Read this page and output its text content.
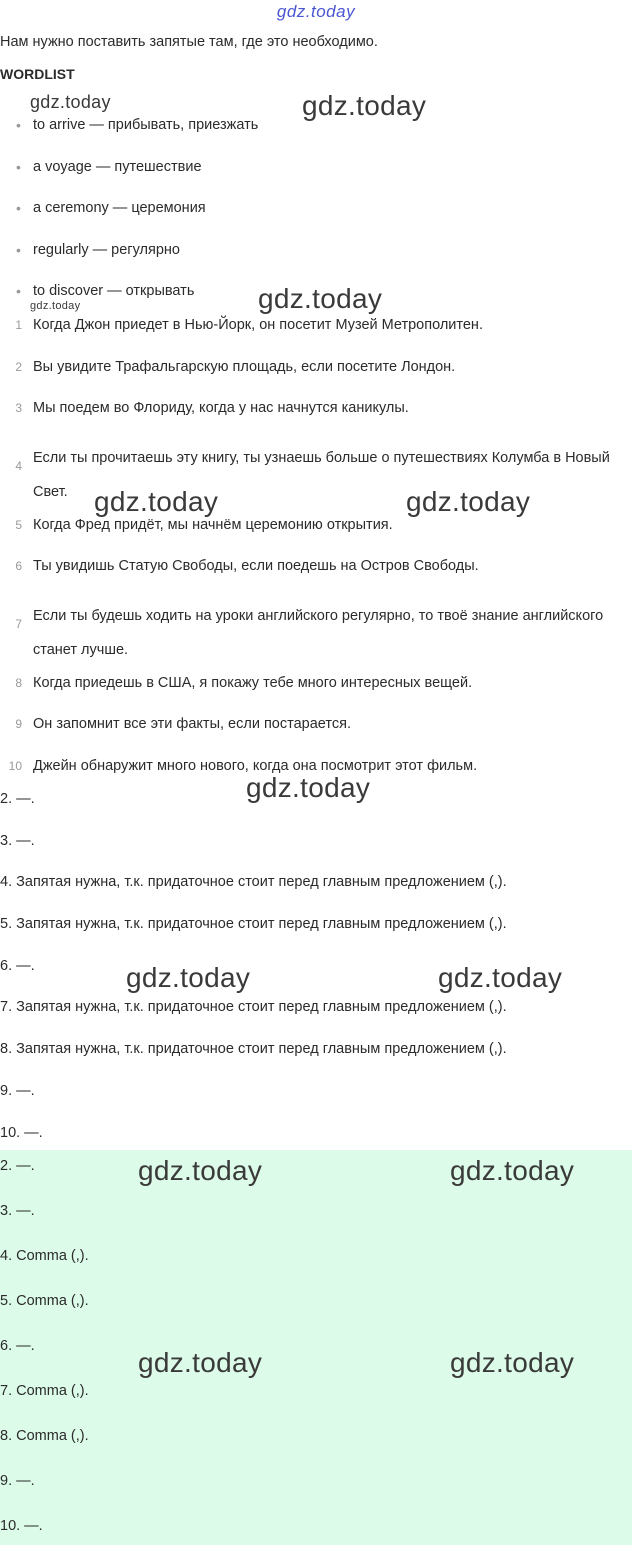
gdz.today
Нам нужно поставить запятые там, где это необходимо.
WORDLIST
• to arrive — прибывать, приезжать
• a voyage — путешествие
• a ceremony — церемония
• regularly — регулярно
• to discover — открывать
1 Когда Джон приедет в Нью-Йорк, он посетит Музей Метрополитен.
2 Вы увидите Трафальгарскую площадь, если посетите Лондон.
3 Мы поедем во Флориду, когда у нас начнутся каникулы.
4 Если ты прочитаешь эту книгу, ты узнаешь больше о путешествиях Колумба в Новый Свет.
5 Когда Фред придёт, мы начнём церемонию открытия.
6 Ты увидишь Статую Свободы, если поедешь на Остров Свободы.
7 Если ты будешь ходить на уроки английского регулярно, то твоё знание английского станет лучше.
8 Когда приедешь в США, я покажу тебе много интересных вещей.
9 Он запомнит все эти факты, если постарается.
10 Джейн обнаружит много нового, когда она посмотрит этот фильм.
2. —.
3. —.
4. Запятая нужна, т.к. придаточное стоит перед главным предложением (,).
5. Запятая нужна, т.к. придаточное стоит перед главным предложением (,).
6. —.
7. Запятая нужна, т.к. придаточное стоит перед главным предложением (,).
8. Запятая нужна, т.к. придаточное стоит перед главным предложением (,).
9. —.
10. —.
2. —.
3. —.
4. Comma (,).
5. Comma (,).
6. —.
7. Comma (,).
8. Comma (,).
9. —.
10. —.
gdz.today	gdz.today
gdz.today	gdz.today
gdz.today	gdz.today
gdz.today
gdz.today	gdz.today
gdz.today	gdz.today
gdz.today	gdz.today
